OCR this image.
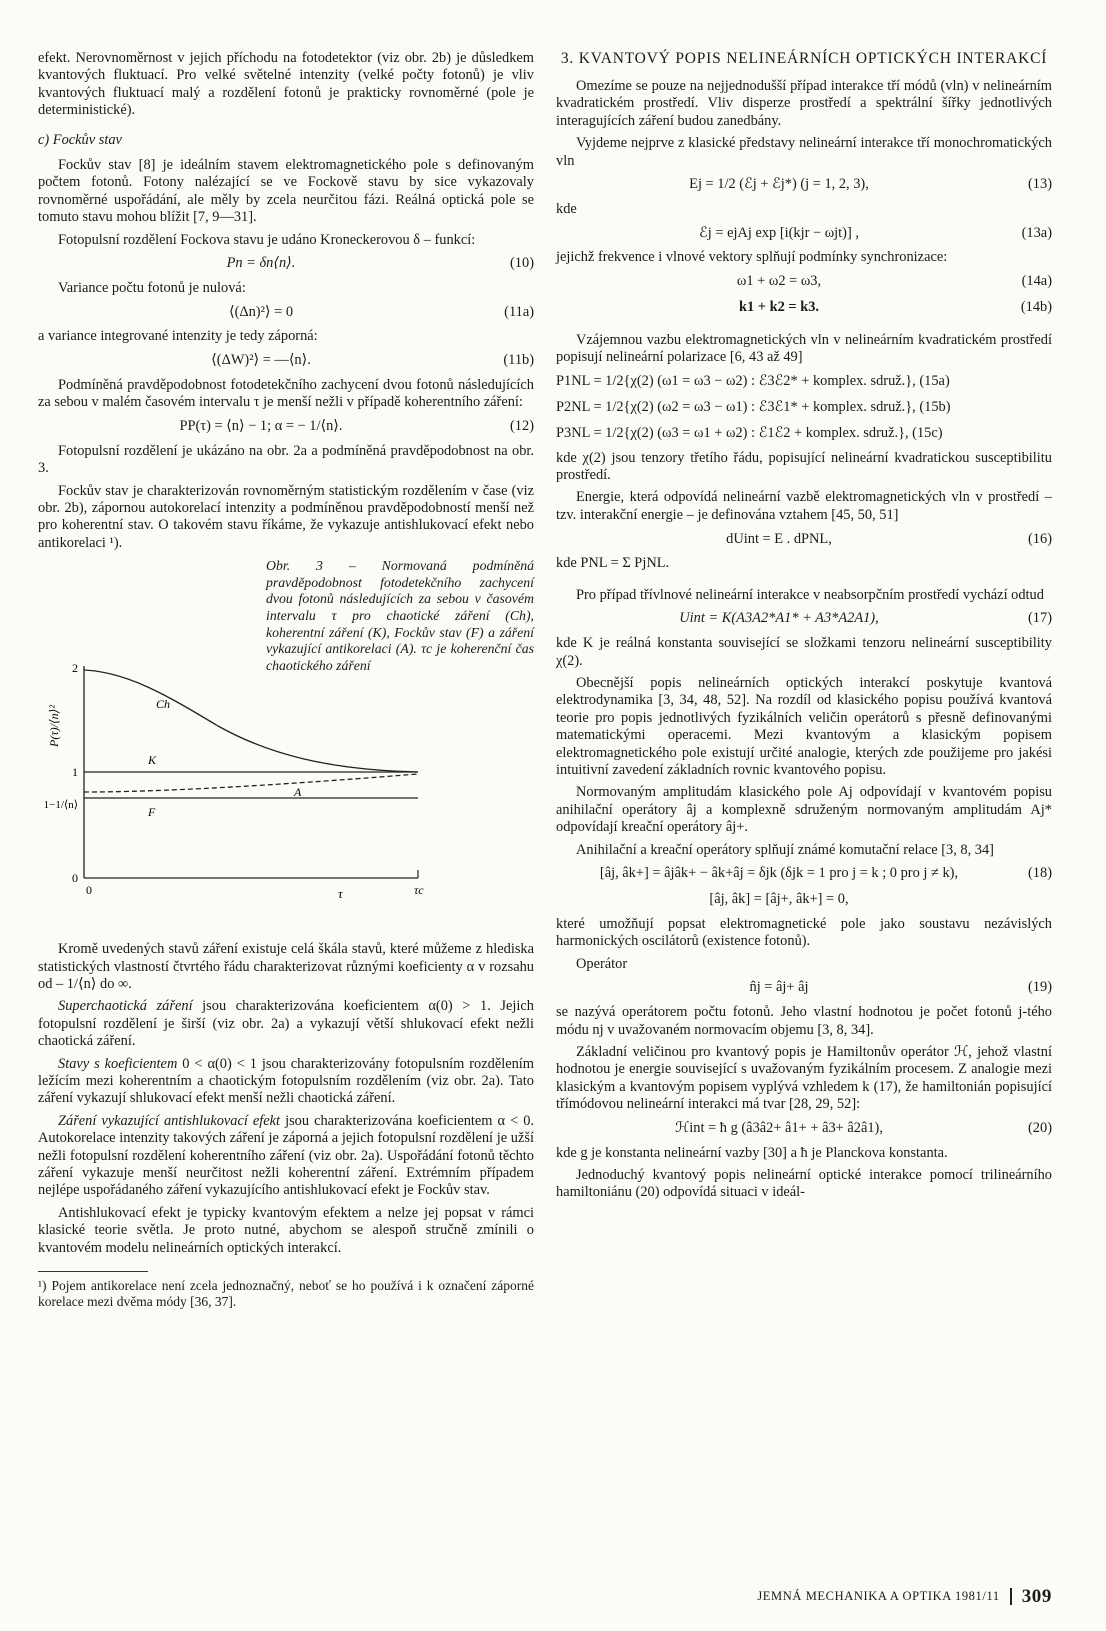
efekt. Nerovnoměrnost v jejich příchodu na fotodetektor (viz obr. 2b) je důsledkem kvantových fluktuací. Pro velké světelné intenzity (velké počty fotonů) je vliv kvantových fluktuací malý a rozdělení fotonů je prakticky rovnoměrné (pole je deterministické).

c) Fockův stav

Fockův stav [8] je ideálním stavem elektromagnetického pole s definovaným počtem fotonů. Fotony nalézající se ve Fockově stavu by sice vykazovaly rovnoměrné uspořádání, ale měly by zcela neurčitou fázi. Reálná optická pole se tomuto stavu mohou blížit [7, 9—31].

Fotopulsní rozdělení Fockova stavu je udáno Kroneckerovou δ – funkcí:

Pn = δn⟨n⟩.	(10)

Variance počtu fotonů je nulová:

⟨(Δn)²⟩ = 0	(11a)

a variance integrované intenzity je tedy záporná:

⟨(ΔW)²⟩ = —⟨n⟩.	(11b)

Podmíněná pravděpodobnost fotodetekčního zachycení dvou fotonů následujících za sebou v malém časovém intervalu τ je menší nežli v případě koherentního záření:

PP(τ) = ⟨n⟩ − 1; α = − 1/⟨n⟩.	(12)

Fotopulsní rozdělení je ukázáno na obr. 2a a podmíněná pravděpodobnost na obr. 3.

Fockův stav je charakterizován rovnoměrným statistickým rozdělením v čase (viz obr. 2b), zápornou autokorelací intenzity a podmíněnou pravděpodobností menší než pro koherentní stav. O takovém stavu říkáme, že vykazuje antishlukovací efekt nebo antikorelaci ¹).

Obr. 3 – Normovaná podmíněná pravděpodobnost fotodetekčního zachycení dvou fotonů následujících za sebou v časovém intervalu τ pro chaotické záření (Ch), koherentní záření (K), Fockův stav (F) a záření vykazující antikorelaci (A). τc je koherenční čas chaotického záření
P(τ)/⟨n⟩²
2
1
1−1/⟨n⟩
0
0	τ	τc
Ch
K
A
F

Kromě uvedených stavů záření existuje celá škála stavů, které můžeme z hlediska statistických vlastností čtvrtého řádu charakterizovat různými koeficienty α v rozsahu od – 1/⟨n⟩ do ∞.

Superchaotická záření jsou charakterizována koeficientem α(0) > 1. Jejich fotopulsní rozdělení je širší (viz obr. 2a) a vykazují větší shlukovací efekt nežli chaotická záření.

Stavy s koeficientem 0 < α(0) < 1 jsou charakterizovány fotopulsním rozdělením ležícím mezi koherentním a chaotickým fotopulsním rozdělením (viz obr. 2a). Tato záření vykazují shlukovací efekt menší nežli chaotická záření.

Záření vykazující antishlukovací efekt jsou charakterizována koeficientem α < 0. Autokorelace intenzity takových záření je záporná a jejich fotopulsní rozdělení je užší nežli fotopulsní rozdělení koherentního záření (viz obr. 2a). Uspořádání fotonů těchto záření vykazuje menší neurčitost nežli koherentní záření. Extrémním případem nejlépe uspořádaného záření vykazujícího antishlukovací efekt je Fockův stav.

Antishlukovací efekt je typicky kvantovým efektem a nelze jej popsat v rámci klasické teorie světla. Je proto nutné, abychom se alespoň stručně zmínili o kvantovém modelu nelineárních optických interakcí.

¹) Pojem antikorelace není zcela jednoznačný, neboť se ho používá i k označení záporné korelace mezi dvěma módy [36, 37].

3. KVANTOVÝ POPIS NELINEÁRNÍCH OPTICKÝCH INTERAKCÍ

Omezíme se pouze na nejjednodušší případ interakce tří módů (vln) v nelineárním kvadratickém prostředí. Vliv disperze prostředí a spektrální šířky jednotlivých interagujících záření budou zanedbány.

Vyjdeme nejprve z klasické představy nelineární interakce tří monochromatických vln

Ej = 1/2 (ℰj + ℰj*) (j = 1, 2, 3),	(13)

kde

ℰj = ejAj exp [i(kjr − ωjt)] ,	(13a)

jejichž frekvence i vlnové vektory splňují podmínky synchronizace:

ω1 + ω2 = ω3,	(14a)
k1 + k2 = k3.	(14b)

Vzájemnou vazbu elektromagnetických vln v nelineárním kvadratickém prostředí popisují nelineární polarizace [6, 43 až 49]

P1NL = 1/2{χ(2) (ω1 = ω3 − ω2) : ℰ3ℰ2* + komplex. sdruž.}, (15a)
P2NL = 1/2{χ(2) (ω2 = ω3 − ω1) : ℰ3ℰ1* + komplex. sdruž.}, (15b)
P3NL = 1/2{χ(2) (ω3 = ω1 + ω2) : ℰ1ℰ2 + komplex. sdruž.}, (15c)

kde χ(2) jsou tenzory třetího řádu, popisující nelineární kvadratickou susceptibilitu prostředí.

Energie, která odpovídá nelineární vazbě elektromagnetických vln v prostředí – tzv. interakční energie – je definována vztahem [45, 50, 51]

dUint = E . dPNL,	(16)

kde PNL = Σ PjNL.

Pro případ třívlnové nelineární interakce v neabsorpčním prostředí vychází odtud

Uint = K(A3A2*A1* + A3*A2A1),	(17)

kde K je reálná konstanta související se složkami tenzoru nelineární susceptibility χ(2).

Obecnější popis nelineárních optických interakcí poskytuje kvantová elektrodynamika [3, 34, 48, 52]. Na rozdíl od klasického popisu používá kvantová teorie pro popis jednotlivých fyzikálních veličin operátorů s přesně definovanými matematickými operacemi. Mezi kvantovým a klasickým popisem elektromagnetického pole existují určité analogie, kterých zde použijeme pro jakési intuitivní zavedení základních rovnic kvantového popisu.

Normovaným amplitudám klasického pole Aj odpovídají v kvantovém popisu anihilační operátory âj a komplexně sdruženým normovaným amplitudám Aj* odpovídají kreační operátory âj+.

Anihilační a kreační operátory splňují známé komutační relace [3, 8, 34]

[âj, âk+] = âjâk+ − âk+âj = δjk (δjk = 1 pro j = k ; 0 pro j ≠ k),	(18)
[âj, âk] = [âj+, âk+] = 0,

které umožňují popsat elektromagnetické pole jako soustavu nezávislých harmonických oscilátorů (existence fotonů).

Operátor

n̂j = âj+ âj	(19)

se nazývá operátorem počtu fotonů. Jeho vlastní hodnotou je počet fotonů j-tého módu nj v uvažovaném normovacím objemu [3, 8, 34].

Základní veličinou pro kvantový popis je Hamiltonův operátor ℋ, jehož vlastní hodnotou je energie související s uvažovaným fyzikálním procesem. Z analogie mezi klasickým a kvantovým popisem vyplývá vzhledem k (17), že hamiltonián popisující třímódovou nelineární interakci má tvar [28, 29, 52]:

ℋint = ħ g (â3â2+ â1+ + â3+ â2â1),	(20)

kde g je konstanta nelineární vazby [30] a ħ je Planckova konstanta.

Jednoduchý kvantový popis nelineární optické interakce pomocí trilineárního hamiltoniánu (20) odpovídá situaci v ideál-

JEMNÁ MECHANIKA A OPTIKA 1981/11	309
